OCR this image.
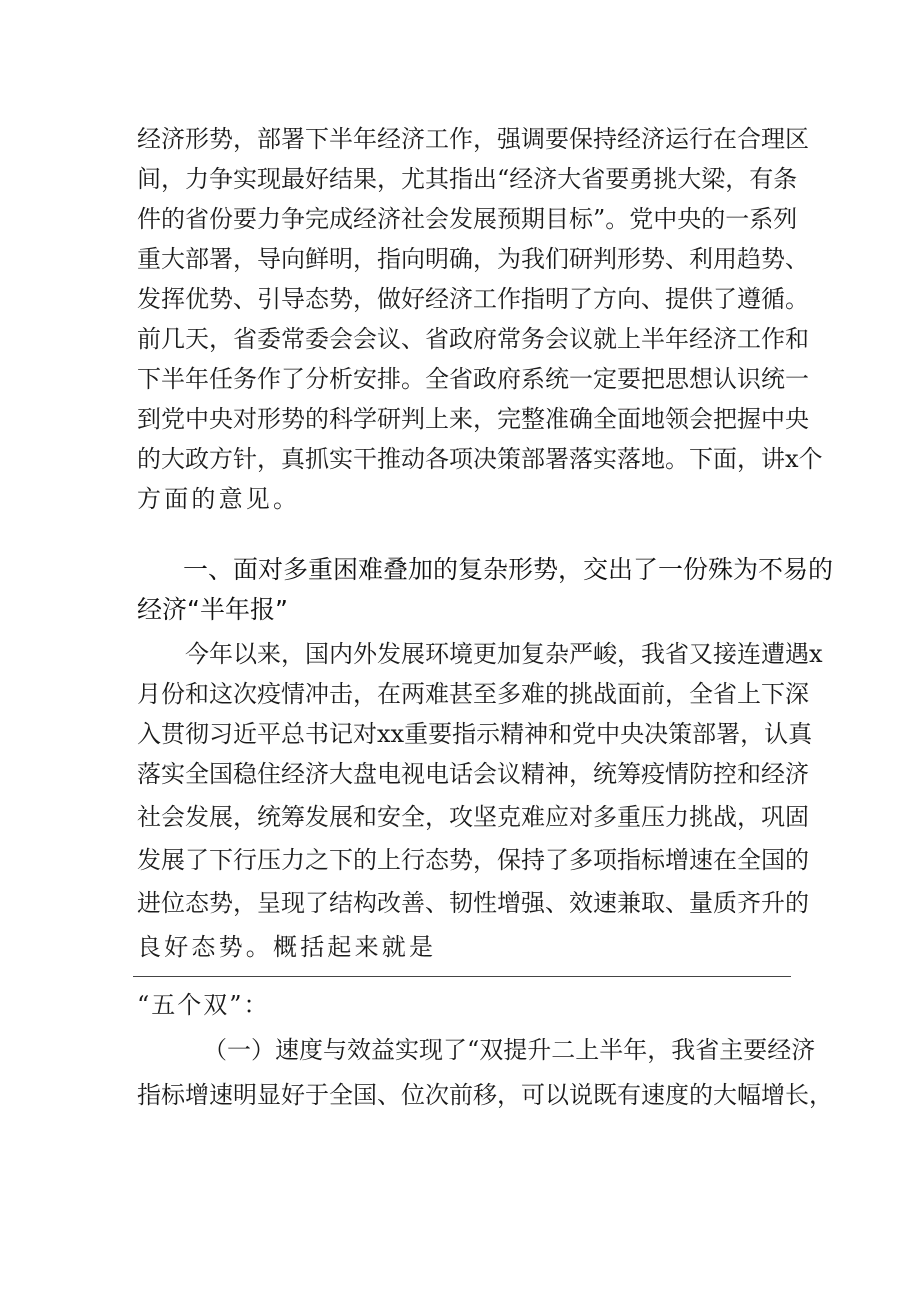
经济形势，部署下半年经济工作，强调要保持经济运行在合理区
间，力争实现最好结果，尤其指出“经济大省要勇挑大梁，有条
件的省份要力争完成经济社会发展预期目标”。党中央的一系列
重大部署，导向鲜明，指向明确，为我们研判形势、利用趋势、
发挥优势、引导态势，做好经济工作指明了方向、提供了遵循。
前几天，省委常委会会议、省政府常务会议就上半年经济工作和
下半年任务作了分析安排。全省政府系统一定要把思想认识统一
到党中央对形势的科学研判上来，完整准确全面地领会把握中央
的大政方针，真抓实干推动各项决策部署落实落地。下面，讲x个
方面的意见。
一、面对多重困难叠加的复杂形势，交出了一份殊为不易的
经济“半年报”
今年以来，国内外发展环境更加复杂严峻，我省又接连遭遇x
月份和这次疫情冲击，在两难甚至多难的挑战面前，全省上下深
入贯彻习近平总书记对xx重要指示精神和党中央决策部署，认真
落实全国稳住经济大盘电视电话会议精神，统筹疫情防控和经济
社会发展，统筹发展和安全，攻坚克难应对多重压力挑战，巩固
发展了下行压力之下的上行态势，保持了多项指标增速在全国的
进位态势，呈现了结构改善、韧性增强、效速兼取、量质齐升的
良好态势。概括起来就是
“五个双”：
（一）速度与效益实现了“双提升二上半年，我省主要经济
指标增速明显好于全国、位次前移，可以说既有速度的大幅增长，
